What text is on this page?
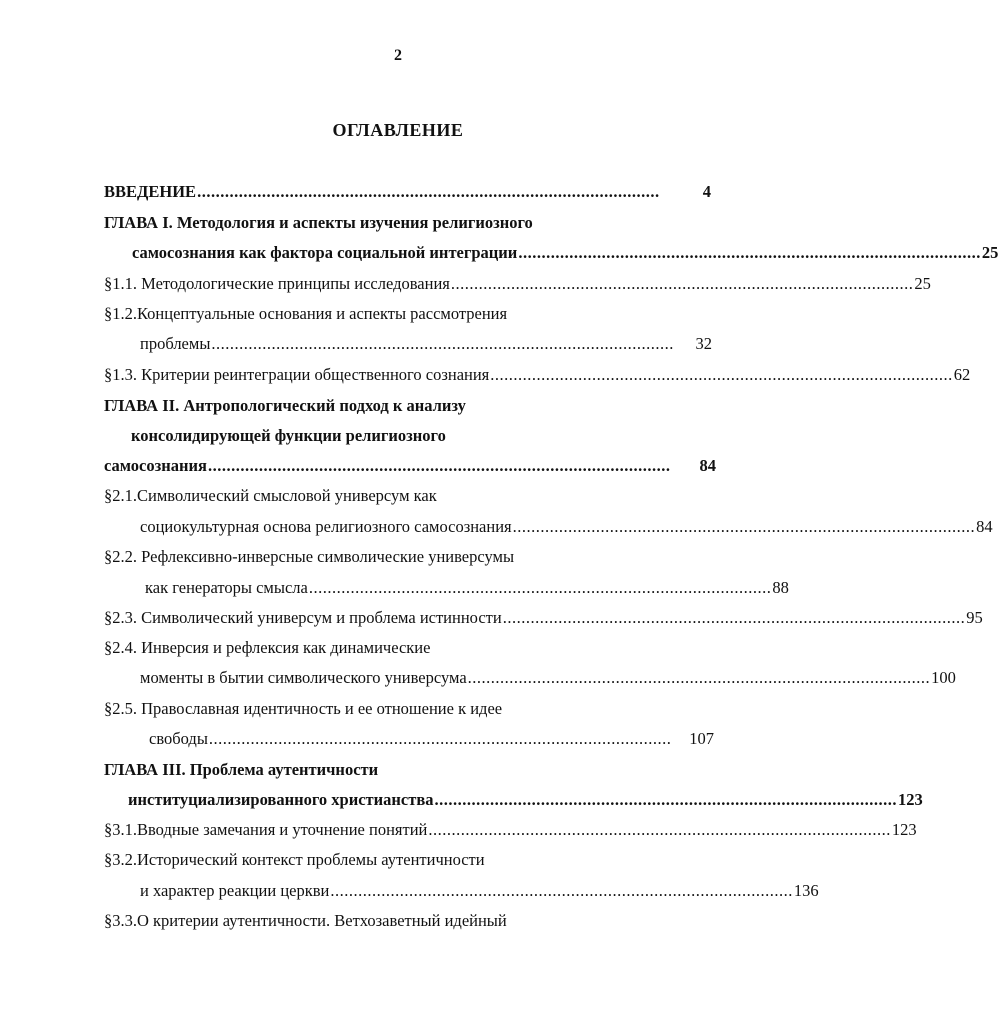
2
ОГЛАВЛЕНИЕ
ВВЕДЕНИЕ ....................................................................................................	4
ГЛАВА I. Методология и аспекты изучения религиозного
самосознания как фактора социальной интеграции .................................................................................................... 25
§1.1. Методологические принципы исследования .................................................................................................... 25
§1.2.Концептуальные основания и аспекты рассмотрения
проблемы ....................................................................................................	32
§1.3. Критерии реинтеграции общественного сознания .................................................................................................... 62
ГЛАВА II. Антропологический подход к анализу
консолидирующей функции религиозного
самосознания ....................................................................................................	84
§2.1.Символический смысловой универсум как
социокультурная основа религиозного самосознания .................................................................................................... 84
§2.2. Рефлексивно-инверсные символические универсумы
как генераторы смысла .................................................................................................... 88
§2.3. Символический универсум и проблема истинности .................................................................................................... 95
§2.4. Инверсия и рефлексия как динамические
моменты в бытии символического универсума .................................................................................................... 100
§2.5. Православная идентичность и ее отношение к идее
свободы ....................................................................................................	107
ГЛАВА III. Проблема аутентичности
институциализированного христианства .................................................................................................... 123
§3.1.Вводные замечания и уточнение понятий .................................................................................................... 123
§3.2.Исторический контекст проблемы аутентичности
и характер реакции церкви .................................................................................................... 136
§3.3.О критерии аутентичности. Ветхозаветный идейный
